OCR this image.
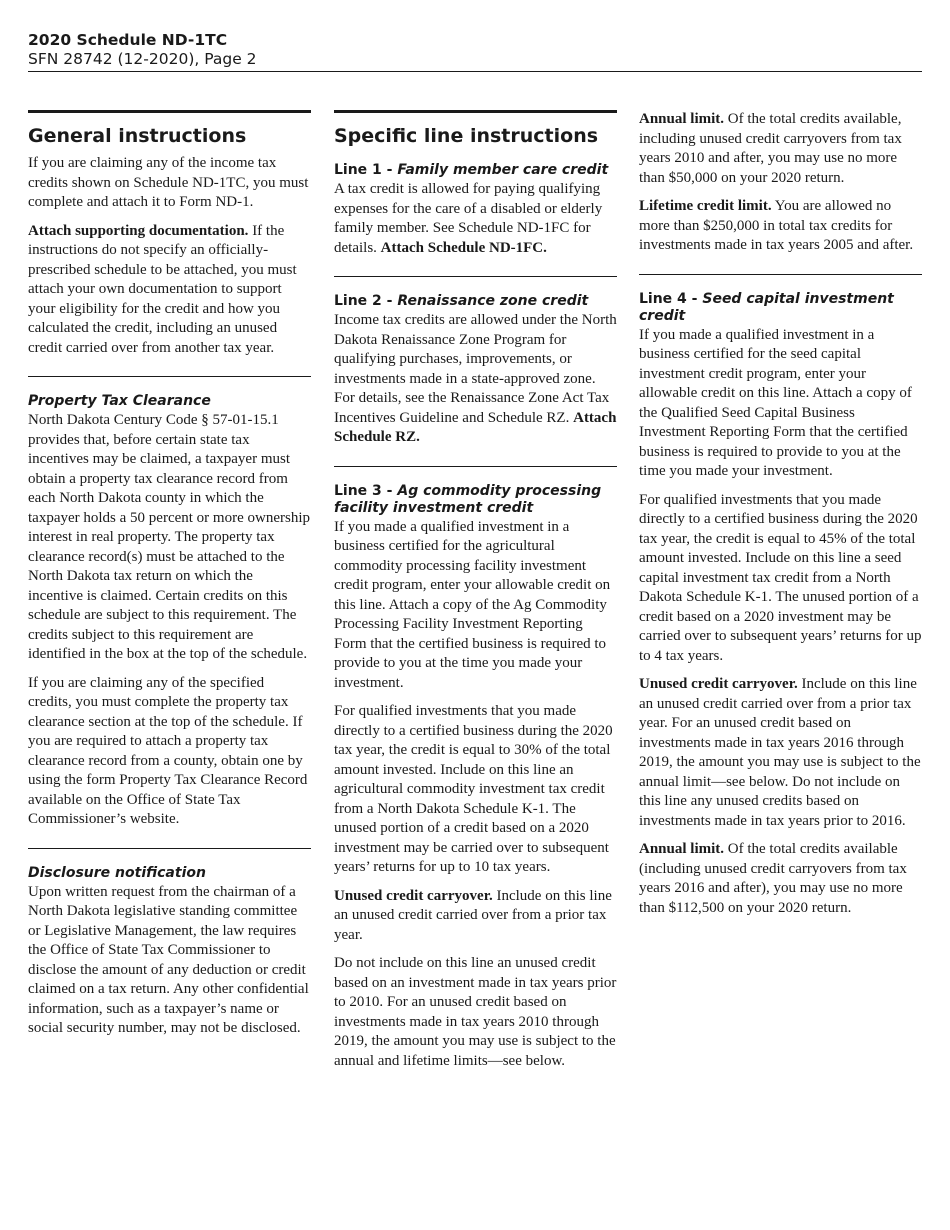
2020 Schedule ND-1TC
SFN 28742 (12-2020), Page 2
General instructions

If you are claiming any of the income tax credits shown on Schedule ND-1TC, you must complete and attach it to Form ND-1.

Attach supporting documentation. If the instructions do not specify an officially-prescribed schedule to be attached, you must attach your own documentation to support your eligibility for the credit and how you calculated the credit, including an unused credit carried over from another tax year.

Property Tax Clearance

North Dakota Century Code § 57-01-15.1 provides that, before certain state tax incentives may be claimed, a taxpayer must obtain a property tax clearance record from each North Dakota county in which the taxpayer holds a 50 percent or more ownership interest in real property. The property tax clearance record(s) must be attached to the North Dakota tax return on which the incentive is claimed. Certain credits on this schedule are subject to this requirement. The credits subject to this requirement are identified in the box at the top of the schedule.

If you are claiming any of the specified credits, you must complete the property tax clearance section at the top of the schedule. If you are required to attach a property tax clearance record from a county, obtain one by using the form Property Tax Clearance Record available on the Office of State Tax Commissioner’s website.

Disclosure notification

Upon written request from the chairman of a North Dakota legislative standing committee or Legislative Management, the law requires the Office of State Tax Commissioner to disclose the amount of any deduction or credit claimed on a tax return. Any other confidential information, such as a taxpayer’s name or social security number, may not be disclosed.

Specific line instructions
Line 1 - Family member care credit

A tax credit is allowed for paying qualifying expenses for the care of a disabled or elderly family member. See Schedule ND-1FC for details. Attach Schedule ND-1FC.

Line 2 - Renaissance zone credit

Income tax credits are allowed under the North Dakota Renaissance Zone Program for qualifying purchases, improvements, or investments made in a state-approved zone. For details, see the Renaissance Zone Act Tax Incentives Guideline and Schedule RZ. Attach Schedule RZ.

Line 3 - Ag commodity processing facility investment credit

If you made a qualified investment in a business certified for the agricultural commodity processing facility investment credit program, enter your allowable credit on this line. Attach a copy of the Ag Commodity Processing Facility Investment Reporting Form that the certified business is required to provide to you at the time you made your investment.

For qualified investments that you made directly to a certified business during the 2020 tax year, the credit is equal to 30% of the total amount invested. Include on this line an agricultural commodity investment tax credit from a North Dakota Schedule K-1. The unused portion of a credit based on a 2020 investment may be carried over to subsequent years’ returns for up to 10 tax years.

Unused credit carryover. Include on this line an unused credit carried over from a prior tax year.

Do not include on this line an unused credit based on an investment made in tax years prior to 2010. For an unused credit based on investments made in tax years 2010 through 2019, the amount you may use is subject to the annual and lifetime limits—see below.

Annual limit. Of the total credits available, including unused credit carryovers from tax years 2010 and after, you may use no more than $50,000 on your 2020 return.

Lifetime credit limit. You are allowed no more than $250,000 in total tax credits for investments made in tax years 2005 and after.

Line 4 - Seed capital investment credit

If you made a qualified investment in a business certified for the seed capital investment credit program, enter your allowable credit on this line. Attach a copy of the Qualified Seed Capital Business Investment Reporting Form that the certified business is required to provide to you at the time you made your investment.

For qualified investments that you made directly to a certified business during the 2020 tax year, the credit is equal to 45% of the total amount invested. Include on this line a seed capital investment tax credit from a North Dakota Schedule K-1. The unused portion of a credit based on a 2020 investment may be carried over to subsequent years’ returns for up to 4 tax years.

Unused credit carryover. Include on this line an unused credit carried over from a prior tax year. For an unused credit based on investments made in tax years 2016 through 2019, the amount you may use is subject to the annual limit—see below. Do not include on this line any unused credits based on investments made in tax years prior to 2016.

Annual limit. Of the total credits available (including unused credit carryovers from tax years 2016 and after), you may use no more than $112,500 on your 2020 return.
